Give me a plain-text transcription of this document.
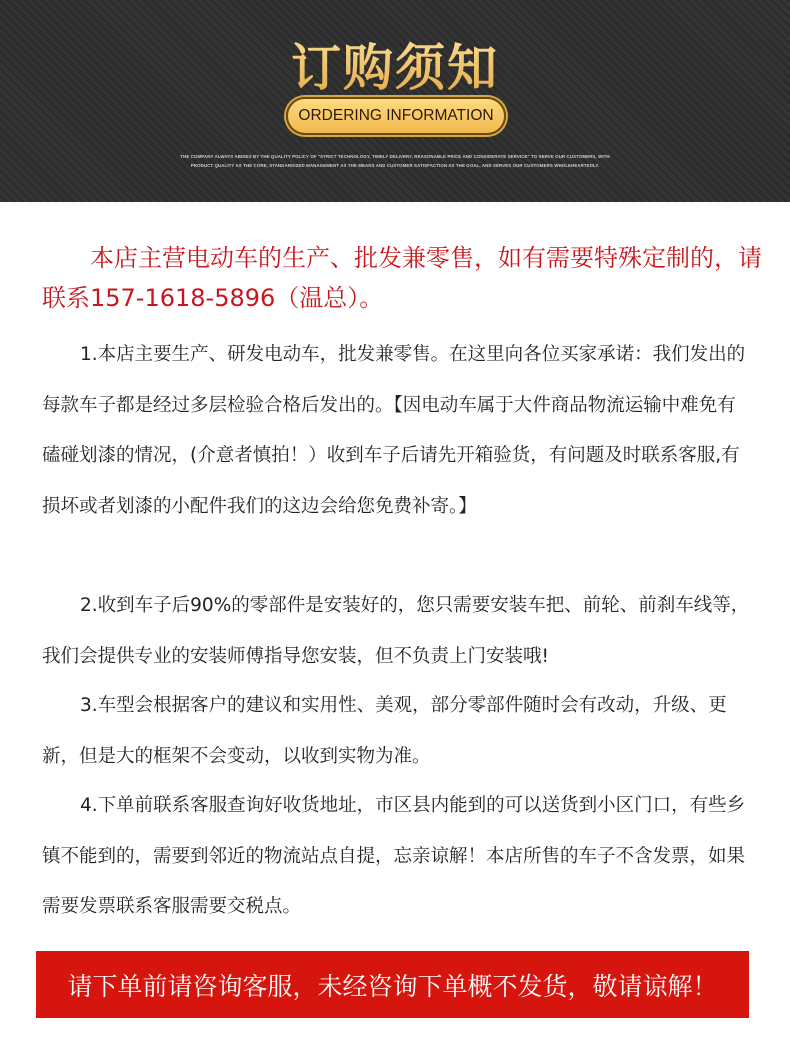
订购须知
ORDERING INFORMATION
THE COMPANY ALWAYS ABIDES BY THE QUALITY POLICY OF "STRICT TECHNOLOGY, TIMELY DELIVERY, REASONABLE PRICE AND CONSIDERATE SERVICE" TO SERVE OUR CUSTOMERS, WITH
PRODUCT QUALITY AS THE CORE, STANDARDIZED MANAGEMENT AS THE MEANS AND CUSTOMER SATISFACTION AS THE GOAL, AND SERVES OUR CUSTOMERS WHOLEHEARTEDLY.

本店主营电动车的生产、批发兼零售，如有需要特殊定制的，请联系157-1618-5896（温总）。

1.本店主要生产、研发电动车，批发兼零售。在这里向各位买家承诺：我们发出的每款车子都是经过多层检验合格后发出的。【因电动车属于大件商品物流运输中难免有磕碰划漆的情况，(介意者慎拍！）收到车子后请先开箱验货，有问题及时联系客服,有损坏或者划漆的小配件我们的这边会给您免费补寄。】

2.收到车子后90%的零部件是安装好的，您只需要安装车把、前轮、前刹车线等，我们会提供专业的安装师傅指导您安装，但不负责上门安装哦!

3.车型会根据客户的建议和实用性、美观，部分零部件随时会有改动，升级、更新，但是大的框架不会变动，以收到实物为准。

4.下单前联系客服查询好收货地址，市区县内能到的可以送货到小区门口，有些乡镇不能到的，需要到邻近的物流站点自提，忘亲谅解！本店所售的车子不含发票，如果需要发票联系客服需要交税点。

请下单前请咨询客服，未经咨询下单概不发货，敬请谅解！
